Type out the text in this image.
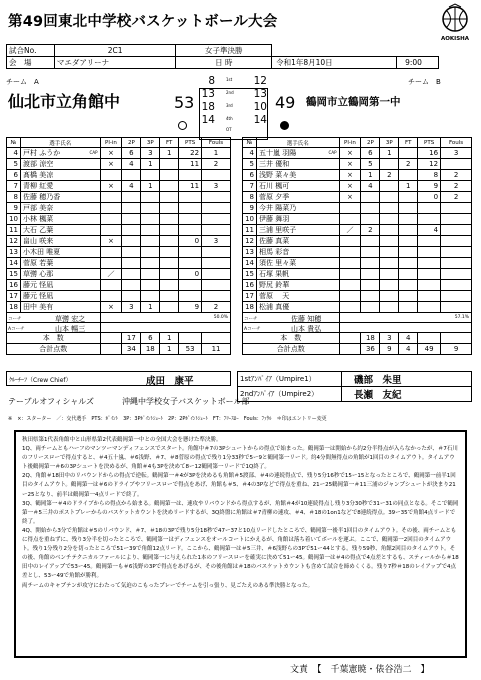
第49回東北中学校バスケットボール大会
AOKISHA
試合No.	2C1	女子準決勝	
会　場	マエダアリーナ	日 時	令和1年8月10日 9:00
チーム　A	チーム　B
仙北市立角館中	鶴岡市立鶴岡第一中
53	49
8	1st 12
13	2nd 13
18	3rd 10
14	4th 14
OT
№	選手氏名	Pl-in	2P	3P	FT	PTS	Fouls
4	戸村 ふうか CAP	×	6	3	1	22	1
5	渡部 涼空	×	4	1		11	2
6	髙橋 美凉

7	青柳 紅愛	×	4	1		11	3
8	佐藤 穂乃香

9	戸部 美奈

10	小林 楓菜

11	大石 乙葉

12	畠山 咲来	×				0	3
13	小木田 唯夏

14	菅原 若葉

15	草彅 心那	／				0	
16	藤元 怪凪

17	藤元 怪凪

18	田中 美有	×	3	1		9	2
コーチ 草彅 宏之		50.0%					
Aコーチ 山本 暢三							

本　数			17	6	1		
合計点数			34	18	1	53	11
№	選手氏名	Pl-in	2P	3P	FT	PTS	Fouls
4	五十嵐 羽陽 CAP	×	6	1		16	3
5	三井 優和	×	5		2	12	
6	浅野 菜々美	×	1	2		8	2
7	石川 楓可	×	4		1	9	2
8	菅原 夕季	×				0	2
9	今井 陽菜乃

10	伊藤 舞羽

11	三浦 里咲子	／	2			4	
12	佐藤 真菜

13	相馬 彩音

14	須佐 里々菜

15	石塚 果帆

16	野尻 鈴華

17	菅原 　天

18	松浦 真優

コーチ 佐藤 知穂		57.1%					
Aコーチ 山本 貴弘							

本　数			18	3	4		
合計点数			36	9	4	49	9
ｸﾙｰﾁｰﾌ（Crew Chief）	成田　康平	1stｱﾝﾊﾟｲｱ（Umpire1）	磯部　朱里
2ndｱﾝﾊﾟｲｱ（Umpire2）	長瀬　友紀
テーブルオフィシャルズ	沖縄中学校女子バスケットボール部
※　×：スターター　／：交代選手　PTS：ﾎﾟｲﾝﾄ　3P：3Pﾎﾟｲﾝﾄｼｭｰﾄ　2P：2Pﾎﾟｲﾝﾄｼｭｰﾄ　FT：ﾌﾘｰｽﾛｰ　Fouls：ﾌｧｳﾙ　＊印はエントリー変更

秋田県第1代表角館中と山形県第2代表鶴岡第一中との全国大会を懸けた準決勝。

1Q、両チームともハーフのマンツーマンディフェンスでスタート。角館中＃7の3Pシュートからの得点で始まった。鶴岡第一は開始から約2分半得点が入らなかったが、＃7石川のフリースローで得点すると、＃4五十嵐、＃6浅野、＃7、＃8菅原の得点で残り1分33秒で5ー9と鶴岡第一リード。約4分間無得点の角館が1回目のタイムアウト。タイムアウト後鶴岡第一＃6の3Pシュートを決めるが、角館＃4も3Pを決めて8ー12鶴岡第一リードで1Q終了。

2Q、角館＃18田中のリバウンドからの得点で逆転。鶴岡第一＃4が3Pを決めるも角館＃5渡部、＃4の連続得点で、残り5分16秒で15ー15となったところで、鶴岡第一前半1回目のタイムアウト。鶴岡第一は＃6のドライブやフリースローで得点をあげ、角館も＃5、＃4の3Pなどで得点を重ね、21ー25鶴岡第一＃11三浦のジャンプシュートが決まり21ー25となり、前半は鶴岡第一4点リードで終了。

3Q、鶴岡第一＃4のドライブからの得点から始まる。鶴岡第一は、速攻やリバウンドから得点するが、角館＃4が10連続得点し残り3分30秒で31ー31の同点となる。そこで鶴岡第一＃5三井のポストプレーからのバスケットカウントを決めリードするが、3Q終盤に角館は＃7青柳の速攻、＃4、＃18の1on1などで8連続得点。39ー35で角館4点リードで終了。

4Q、開始から3分で角館は＃5のリバウンド、＃7、＃18の3Pで残り5分18秒で47ー37と10点リードしたところで、鶴岡第一後半1回目のタイムアウト。その後、両チームともに得点を重ねずに、残り3分半を切ったところで、鶴岡第一はディフェンスをオールコートにかえるが、角館は落ち着いてボールを運ぶ。ここで、鶴岡第一2回目のタイムアウト。残り1分残り2分を切ったところで51ー39で角館12点リード。ここから、鶴岡第一は＃5三井、＃6浅野らの3Pで51ー44とする。残り59秒、角館2回目のタイムアウト。その後、角館のベンチテクニカルファールにより、鶴岡第一に与えられた1本のフリースローを確実に決めて51ー45。鶴岡第一は＃4の得点で4点差とするも、スティールから＃18田中のレイアップで53ー45。鶴岡第一も＃6浅野の3Pで得点をあげるが、その後角館は＃18のバスケットカウントも含めて試合を締めくくる。残り7秒＃18のレイアップで4点差とし、53ー49で角館が勝利。

両チームのキャプテンが攻守にわたって気迫のこもったプレーでチームを引っ張り、見ごたえのある準決勝となった。

文責　【　千葉憲暁・俵谷浩二　】
